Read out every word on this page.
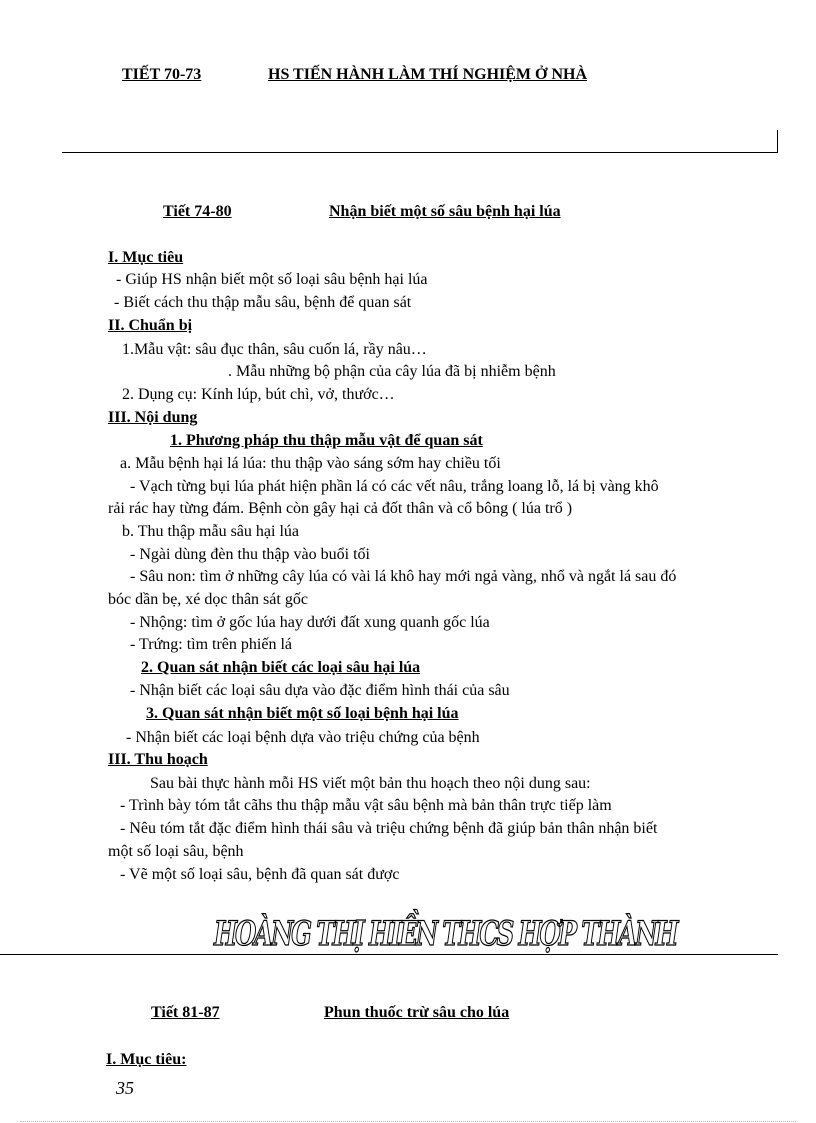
TIẾT 70-73	HS TIẾN HÀNH LÀM THÍ NGHIỆM Ở NHÀ
Tiết 74-80	Nhận biết một số sâu bệnh hại lúa
I. Mục tiêu
- Giúp HS nhận biết một số loại sâu bệnh hại lúa
- Biết cách thu thập mẫu sâu, bệnh để quan sát
II. Chuẩn bị
1.Mẫu vật: sâu đục thân, sâu cuốn lá, rầy nâu…
. Mẫu những bộ phận của cây lúa đã bị nhiễm bệnh
2. Dụng cụ: Kính lúp, bút chì, vở, thước…
III. Nội dung
1. Phương pháp thu thập mẫu vật để quan sát
a. Mẫu bệnh hại lá lúa: thu thập vào sáng sớm hay chiều tối
- Vạch từng bụi lúa phát hiện phần lá có các vết nâu, trắng loang lỗ, lá bị vàng khô
rải rác hay từng đám. Bệnh còn gây hại cả đốt thân và cổ bông ( lúa trổ )
b. Thu thập mẫu sâu hại lúa
- Ngài dùng đèn thu thập vào buổi tối
- Sâu non: tìm ở những cây lúa có vài lá khô hay mới ngả vàng, nhổ và ngắt lá sau đó
bóc dần bẹ, xé dọc thân sát gốc
- Nhộng: tìm ở gốc lúa hay dưới đất xung quanh gốc lúa
- Trứng: tìm trên phiến lá
2. Quan sát nhận biết các loại sâu hại lúa
- Nhận biết các loại sâu dựa vào đặc điểm hình thái của sâu
3. Quan sát nhận biết một số loại bệnh hại lúa
- Nhận biết các loại bệnh dựa vào triệu chứng của bệnh
III. Thu hoạch
Sau bài thực hành mỗi HS viết một bản thu hoạch theo nội dung sau:
- Trình bày tóm tắt cãhs thu thập mẫu vật sâu bệnh mà bản thân trực tiếp làm
- Nêu tóm tắt đặc điểm hình thái sâu và triệu chứng bệnh đã giúp bản thân nhận biết
một số loại sâu, bệnh
- Vẽ một số loại sâu, bệnh đã quan sát được
HOÀNG THỊ HIỀN THCS HỢP THÀNH
Tiết 81-87	Phun thuốc trừ sâu cho lúa
I. Mục tiêu:
35
